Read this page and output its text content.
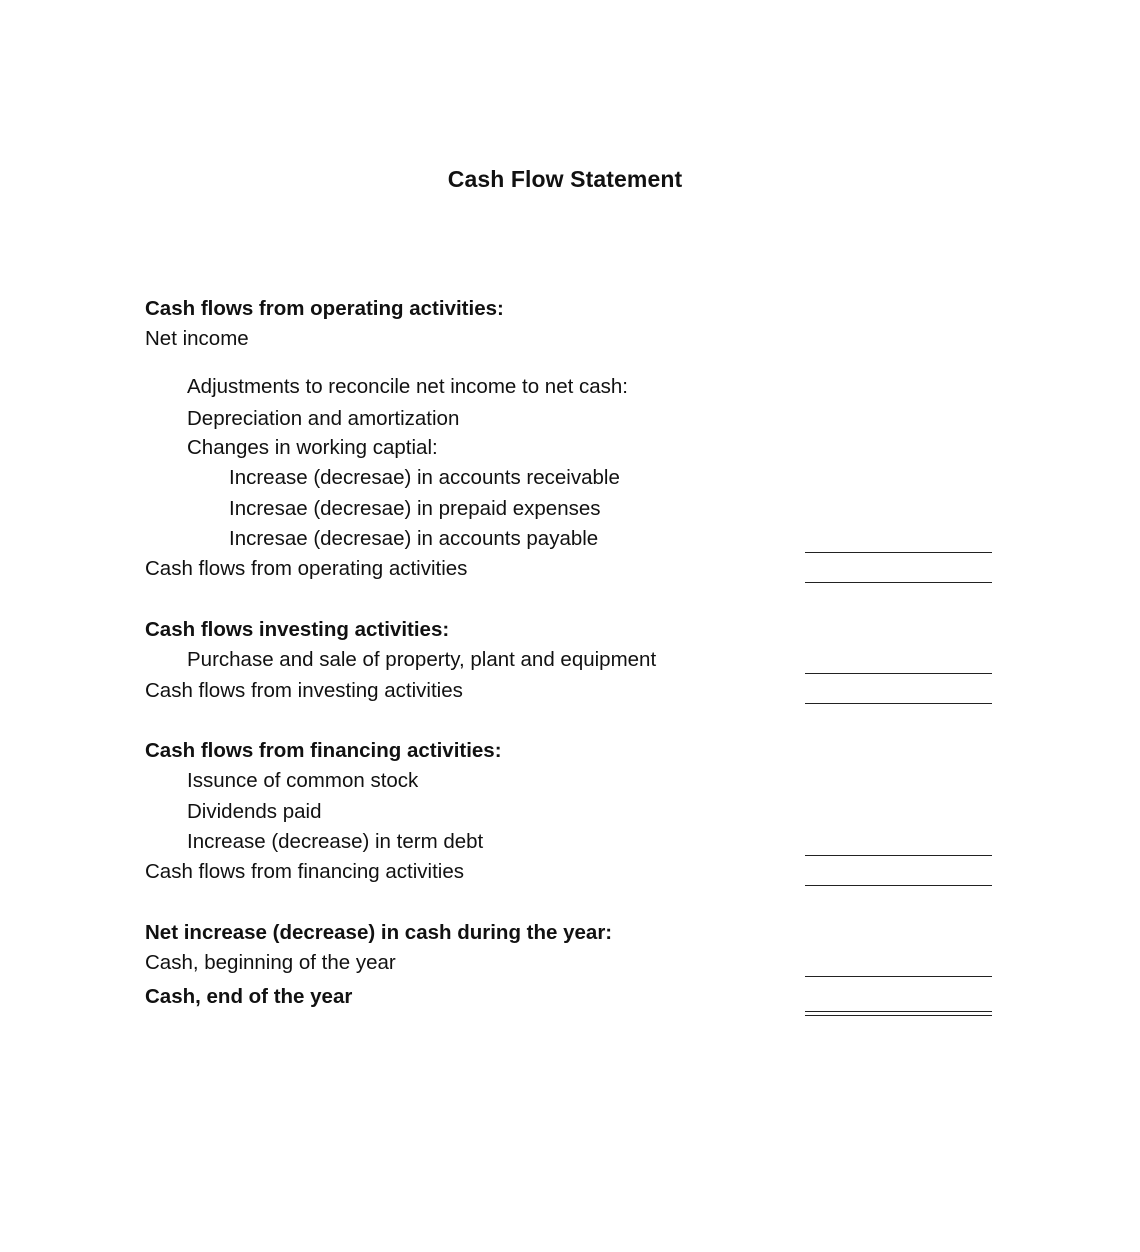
Cash Flow Statement
Cash flows from operating activities:
Net income
Adjustments to reconcile net income to net cash:
Depreciation and amortization
Changes in working captial:
Increase (decresae) in accounts receivable
Incresae (decresae) in prepaid expenses
Incresae (decresae) in accounts payable
Cash flows from operating activities
Cash flows investing activities:
Purchase and sale of property, plant and equipment
Cash flows from investing activities
Cash flows from financing activities:
Issunce of common stock
Dividends paid
Increase (decrease) in term debt
Cash flows from financing activities
Net increase (decrease) in cash during the year:
Cash, beginning of the year
Cash, end of the year
